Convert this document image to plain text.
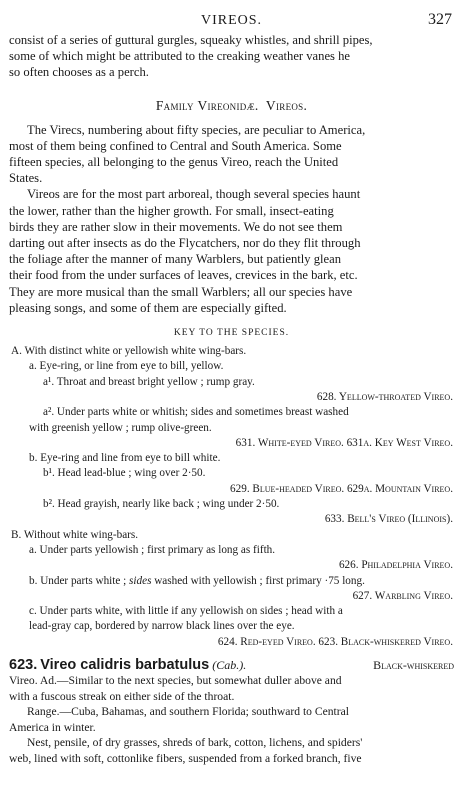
VIREOS.	327

consist of a series of guttural gurgles, squeaky whistles, and shrill pipes,

some of which might be attributed to the creaking weather vanes he

so often chooses as a perch.

Family Vireonidæ. Vireos.

The Virecs, numbering about fifty species, are peculiar to America,

most of them being confined to Central and South America. Some

fifteen species, all belonging to the genus Vireo, reach the United

States.

Vireos are for the most part arboreal, though several species haunt

the lower, rather than the higher growth. For small, insect-eating

birds they are rather slow in their movements. We do not see them

darting out after insects as do the Flycatchers, nor do they flit through

the foliage after the manner of many Warblers, but patiently glean

their food from the under surfaces of leaves, crevices in the bark, etc.

They are more musical than the small Warblers; all our species have

pleasing songs, and some of them are especially gifted.

KEY TO THE SPECIES.

A. With distinct white or yellowish white wing-bars.

a. Eye-ring, or line from eye to bill, yellow.

a¹. Throat and breast bright yellow ; rump gray.

628. Yellow-throated Vireo.

a². Under parts white or whitish; sides and sometimes breast washed

with greenish yellow ; rump olive-green.

631. White-eyed Vireo. 631a. Key West Vireo.

b. Eye-ring and line from eye to bill white.

b¹. Head lead-blue ; wing over 2·50.

629. Blue-headed Vireo. 629a. Mountain Vireo.

b². Head grayish, nearly like back ; wing under 2·50.

633. Bell's Vireo (Illinois).

B. Without white wing-bars.

a. Under parts yellowish ; first primary as long as fifth.

626. Philadelphia Vireo.

b. Under parts white ; sides washed with yellowish ; first primary ·75 long.

627. Warbling Vireo.

c. Under parts white, with little if any yellowish on sides ; head with a

lead-gray cap, bordered by narrow black lines over the eye.

624. Red-eyed Vireo. 623. Black-whiskered Vireo.

623. Vireo calidris barbatulus (Cab.).	Black-whiskered

Vireo. Ad.—Similar to the next species, but somewhat duller above and

with a fuscous streak on either side of the throat.

Range.—Cuba, Bahamas, and southern Florida; southward to Central

America in winter.

Nest, pensile, of dry grasses, shreds of bark, cotton, lichens, and spiders'

web, lined with soft, cottonlike fibers, suspended from a forked branch, five
